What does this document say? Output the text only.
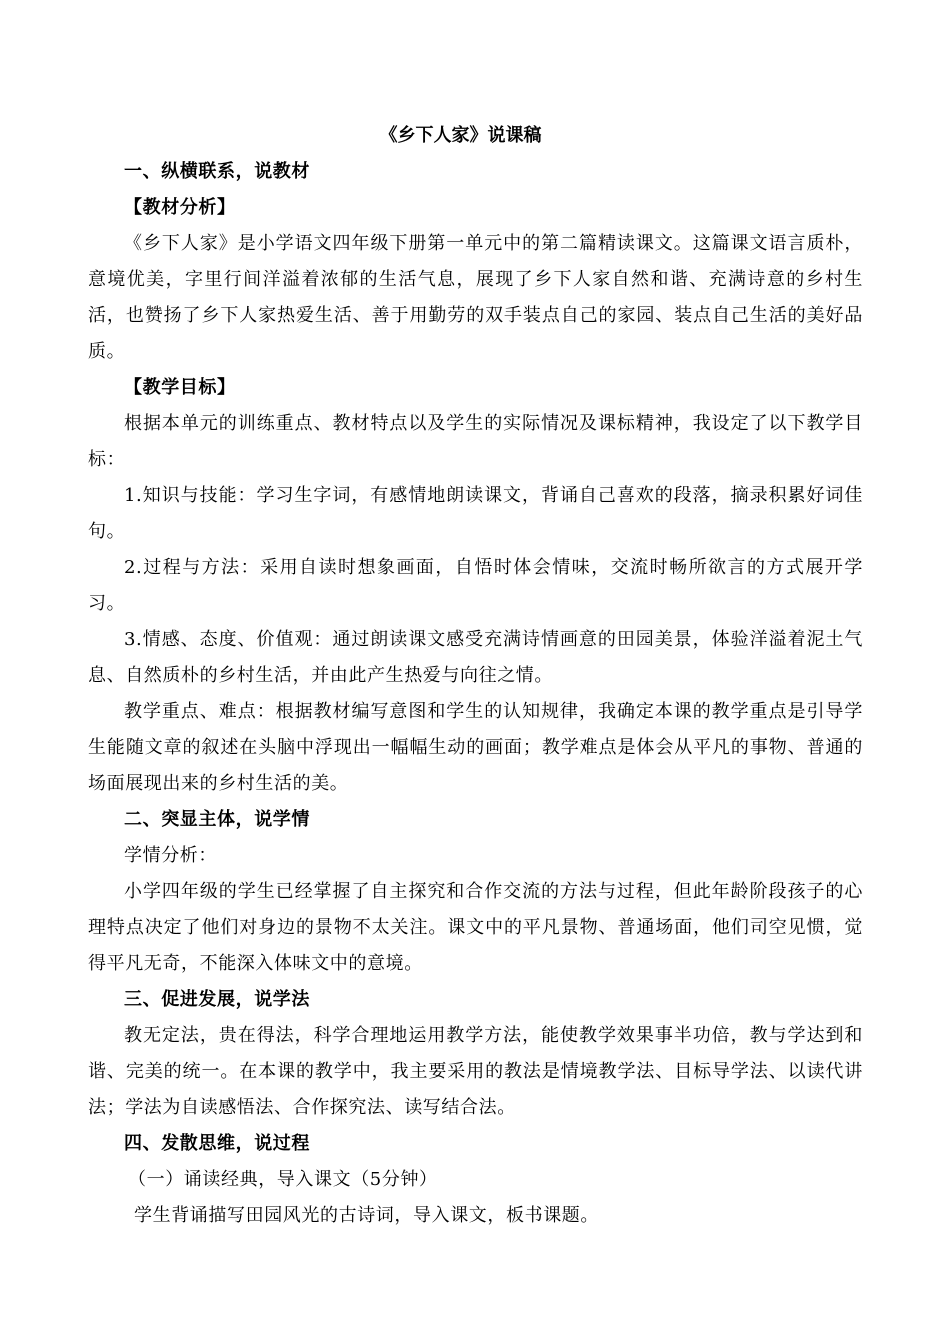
《乡下人家》说课稿

一、纵横联系，说教材

【教材分析】

《乡下人家》是小学语文四年级下册第一单元中的第二篇精读课文。这篇课文语言质朴，意境优美，字里行间洋溢着浓郁的生活气息，展现了乡下人家自然和谐、充满诗意的乡村生活，也赞扬了乡下人家热爱生活、善于用勤劳的双手装点自己的家园、装点自己生活的美好品质。

【教学目标】

根据本单元的训练重点、教材特点以及学生的实际情况及课标精神，我设定了以下教学目标：

1.知识与技能：学习生字词，有感情地朗读课文，背诵自己喜欢的段落，摘录积累好词佳句。

2.过程与方法：采用自读时想象画面，自悟时体会情味，交流时畅所欲言的方式展开学习。

3.情感、态度、价值观：通过朗读课文感受充满诗情画意的田园美景，体验洋溢着泥土气息、自然质朴的乡村生活，并由此产生热爱与向往之情。

教学重点、难点：根据教材编写意图和学生的认知规律，我确定本课的教学重点是引导学生能随文章的叙述在头脑中浮现出一幅幅生动的画面；教学难点是体会从平凡的事物、普通的场面展现出来的乡村生活的美。

二、突显主体，说学情

学情分析：

小学四年级的学生已经掌握了自主探究和合作交流的方法与过程，但此年龄阶段孩子的心理特点决定了他们对身边的景物不太关注。课文中的平凡景物、普通场面，他们司空见惯，觉得平凡无奇，不能深入体味文中的意境。

三、促进发展，说学法

教无定法，贵在得法，科学合理地运用教学方法，能使教学效果事半功倍，教与学达到和谐、完美的统一。在本课的教学中，我主要采用的教法是情境教学法、目标导学法、以读代讲法；学法为自读感悟法、合作探究法、读写结合法。

四、发散思维，说过程

（一）诵读经典，导入课文（5分钟）

学生背诵描写田园风光的古诗词，导入课文，板书课题。
